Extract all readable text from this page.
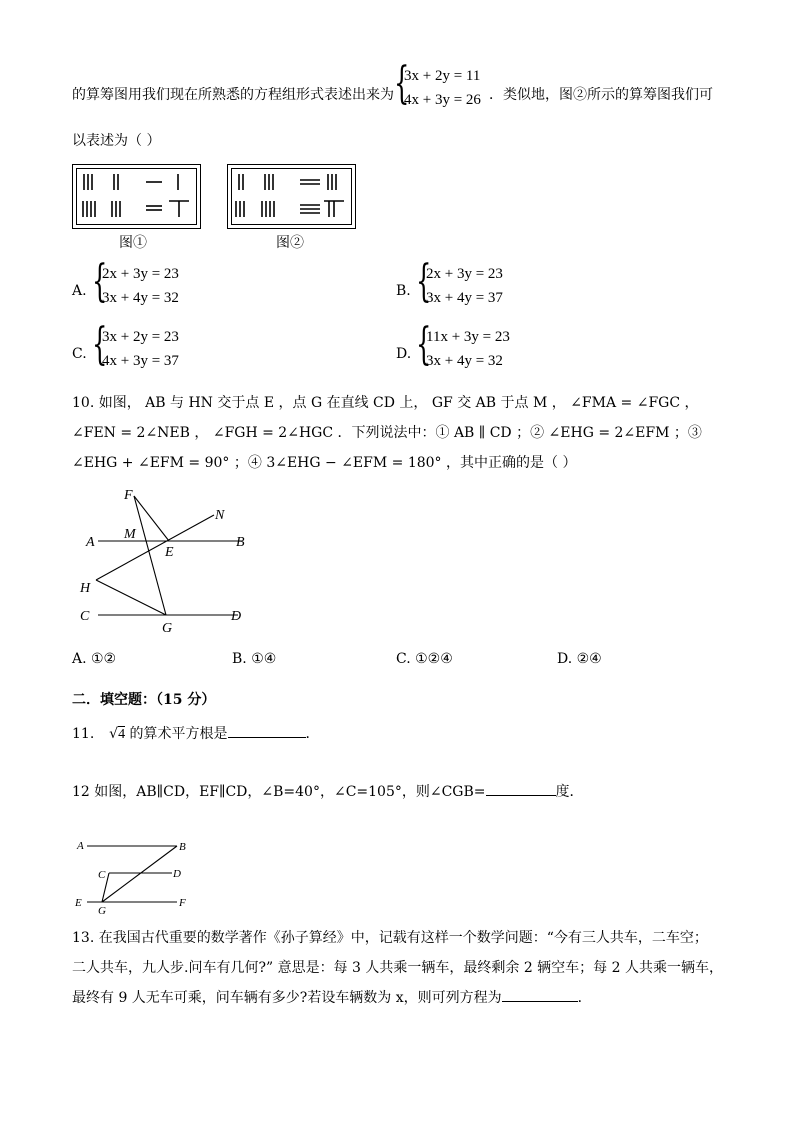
的算筹图用我们现在所熟悉的方程组形式表述出来为 {
3x + 2y = 11
4x + 3y = 26 ．类似地，图②所示的算筹图我们可
以表述为（ ）
图①	图②
A. {
2x + 3y = 23
3x + 4y = 32	B. {
2x + 3y = 23
3x + 4y = 37
C. {
3x + 2y = 23
4x + 3y = 37	D. {
11x + 3y = 23
3x + 4y = 32
10. 如图， AB 与 HN 交于点 E ，点 G 在直线 CD 上， GF 交 AB 于点 M ， ∠FMA = ∠FGC ，
∠FEN = 2∠NEB ， ∠FGH = 2∠HGC ．下列说法中：① AB ∥ CD ；② ∠EHG = 2∠EFM ；③
∠EHG + ∠EFM = 90° ；④ 3∠EHG − ∠EFM = 180° ，其中正确的是（ ）
F
N
A
M
E
B
H
C
G
D
A. ①②	B. ①④	C. ①②④	D. ②④
二．填空题：（15 分）
11. √4 的算术平方根是	．
12 如图，AB∥CD，EF∥CD，∠B=40°，∠C=105°，则∠CGB=	度．
A	B
C	D
E	F
G
13. 在我国古代重要的数学著作《孙子算经》中，记载有这样一个数学问题：“今有三人共车，二车空；
二人共车，九人步.问车有几何?” 意思是：每 3 人共乘一辆车，最终剩余 2 辆空车；每 2 人共乘一辆车，
最终有 9 人无车可乘，问车辆有多少?若设车辆数为 x，则可列方程为	．
